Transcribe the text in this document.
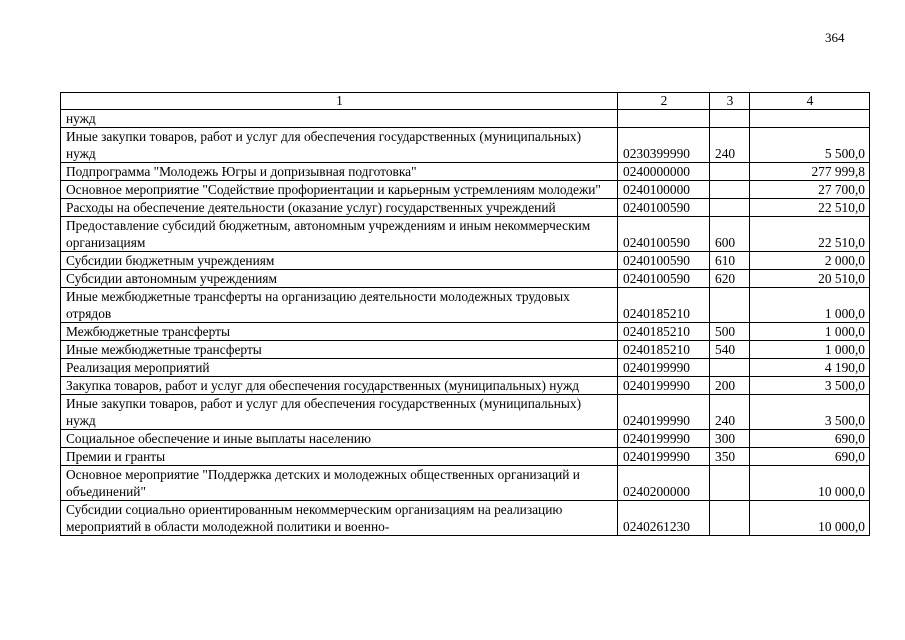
364
1	2	3	4
нужд			
Иные закупки товаров, работ и услуг для обеспечения государственных (муниципальных) нужд	0230399990	240	5 500,0
Подпрограмма "Молодежь Югры и допризывная подготовка"	0240000000		277 999,8
Основное мероприятие "Содействие профориентации и карьерным устремлениям молодежи"	0240100000		27 700,0
Расходы на обеспечение деятельности (оказание услуг) государственных учреждений	0240100590		22 510,0
Предоставление субсидий бюджетным, автономным учреждениям и иным некоммерческим организациям	0240100590	600	22 510,0
Субсидии бюджетным учреждениям	0240100590	610	2 000,0
Субсидии автономным учреждениям	0240100590	620	20 510,0
Иные межбюджетные трансферты на организацию деятельности молодежных трудовых отрядов	0240185210		1 000,0
Межбюджетные трансферты	0240185210	500	1 000,0
Иные межбюджетные трансферты	0240185210	540	1 000,0
Реализация мероприятий	0240199990		4 190,0
Закупка товаров, работ и услуг для обеспечения государственных (муниципальных) нужд	0240199990	200	3 500,0
Иные закупки товаров, работ и услуг для обеспечения государственных (муниципальных) нужд	0240199990	240	3 500,0
Социальное обеспечение и иные выплаты населению	0240199990	300	690,0
Премии и гранты	0240199990	350	690,0
Основное мероприятие "Поддержка детских и молодежных общественных организаций и объединений"	0240200000		10 000,0
Субсидии социально ориентированным некоммерческим организациям на реализацию мероприятий в области молодежной политики и военно-	0240261230		10 000,0
